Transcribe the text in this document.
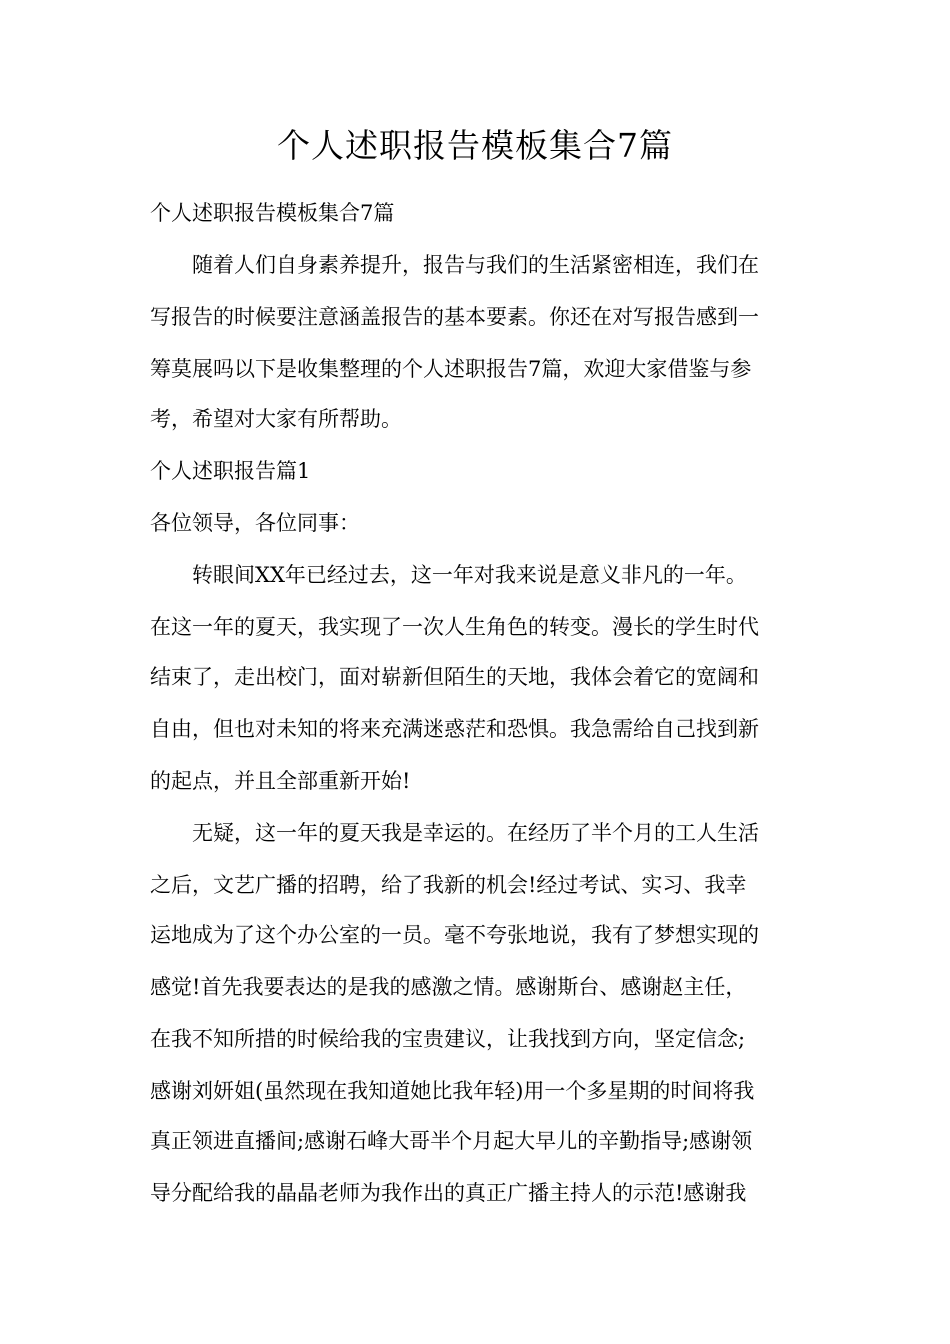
个人述职报告模板集合7篇

个人述职报告模板集合7篇

随着人们自身素养提升，报告与我们的生活紧密相连，我们在

写报告的时候要注意涵盖报告的基本要素。你还在对写报告感到一

筹莫展吗以下是收集整理的个人述职报告7篇，欢迎大家借鉴与参

考，希望对大家有所帮助。

个人述职报告篇1

各位领导，各位同事：

转眼间XX年已经过去，这一年对我来说是意义非凡的一年。

在这一年的夏天，我实现了一次人生角色的转变。漫长的学生时代

结束了，走出校门，面对崭新但陌生的天地，我体会着它的宽阔和

自由，但也对未知的将来充满迷惑茫和恐惧。我急需给自己找到新

的起点，并且全部重新开始!

无疑，这一年的夏天我是幸运的。在经历了半个月的工人生活

之后，文艺广播的招聘，给了我新的机会!经过考试、实习、我幸

运地成为了这个办公室的一员。毫不夸张地说，我有了梦想实现的

感觉!首先我要表达的是我的感激之情。感谢斯台、感谢赵主任，

在我不知所措的时候给我的宝贵建议，让我找到方向，坚定信念;

感谢刘妍姐(虽然现在我知道她比我年轻)用一个多星期的时间将我

真正领进直播间;感谢石峰大哥半个月起大早儿的辛勤指导;感谢领

导分配给我的晶晶老师为我作出的真正广播主持人的示范!感谢我
